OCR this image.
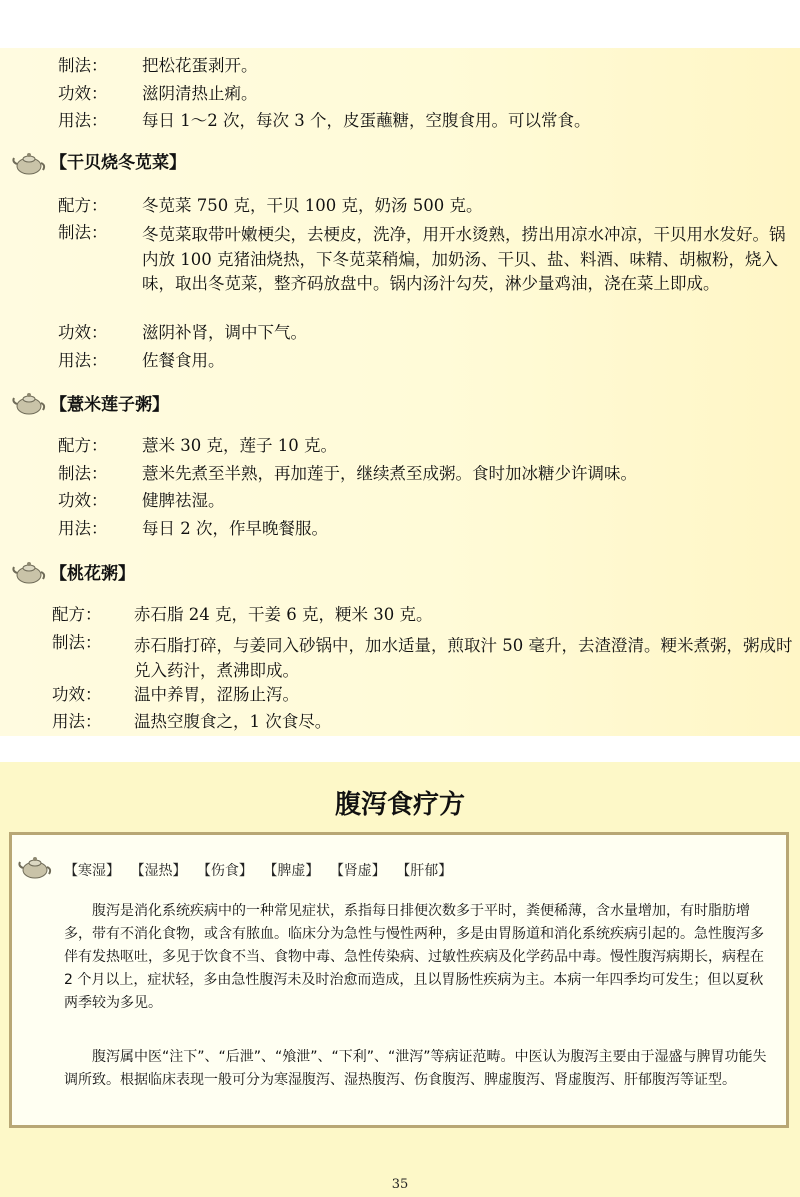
制法： 把松花蛋剥开。
功效： 滋阴清热止痢。
用法： 每日 1～2 次，每次 3 个，皮蛋蘸糖，空腹食用。可以常食。
【干贝烧冬苋菜】
配方： 冬苋菜 750 克，干贝 100 克，奶汤 500 克。
制法： 冬苋菜取带叶嫩梗尖，去梗皮，洗净，用开水烫熟，捞出用凉水冲凉，干贝用水发好。锅内放 100 克猪油烧热，下冬苋菜稍煸，加奶汤、干贝、盐、料酒、味精、胡椒粉，烧入味，取出冬苋菜，整齐码放盘中。锅内汤汁勾芡，淋少量鸡油，浇在菜上即成。
功效： 滋阴补肾，调中下气。
用法： 佐餐食用。
【薏米莲子粥】
配方： 薏米 30 克，莲子 10 克。
制法： 薏米先煮至半熟，再加莲于，继续煮至成粥。食时加冰糖少许调味。
功效： 健脾祛湿。
用法： 每日 2 次，作早晚餐服。
【桃花粥】
配方： 赤石脂 24 克，干姜 6 克，粳米 30 克。
制法： 赤石脂打碎，与姜同入砂锅中，加水适量，煎取汁 50 毫升，去渣澄清。粳米煮粥，粥成时兑入药汁，煮沸即成。
功效： 温中养胃，涩肠止泻。
用法： 温热空腹食之，1 次食尽。
腹泻食疗方
【寒湿】 【湿热】 【伤食】 【脾虚】 【肾虚】 【肝郁】
腹泻是消化系统疾病中的一种常见症状，系指每日排便次数多于平时，粪便稀薄，含水量增加，有时脂肪增多，带有不消化食物，或含有脓血。临床分为急性与慢性两种，多是由胃肠道和消化系统疾病引起的。急性腹泻多伴有发热呕吐，多见于饮食不当、食物中毒、急性传染病、过敏性疾病及化学药品中毒。慢性腹泻病期长，病程在 2 个月以上，症状轻，多由急性腹泻未及时治愈而造成，且以胃肠性疾病为主。本病一年四季均可发生；但以夏秋两季较为多见。
腹泻属中医“注下”、“后泄”、“飧泄”、“下利”、“泄泻”等病证范畴。中医认为腹泻主要由于湿盛与脾胃功能失调所致。根据临床表现一般可分为寒湿腹泻、湿热腹泻、伤食腹泻、脾虚腹泻、肾虚腹泻、肝郁腹泻等证型。
35
